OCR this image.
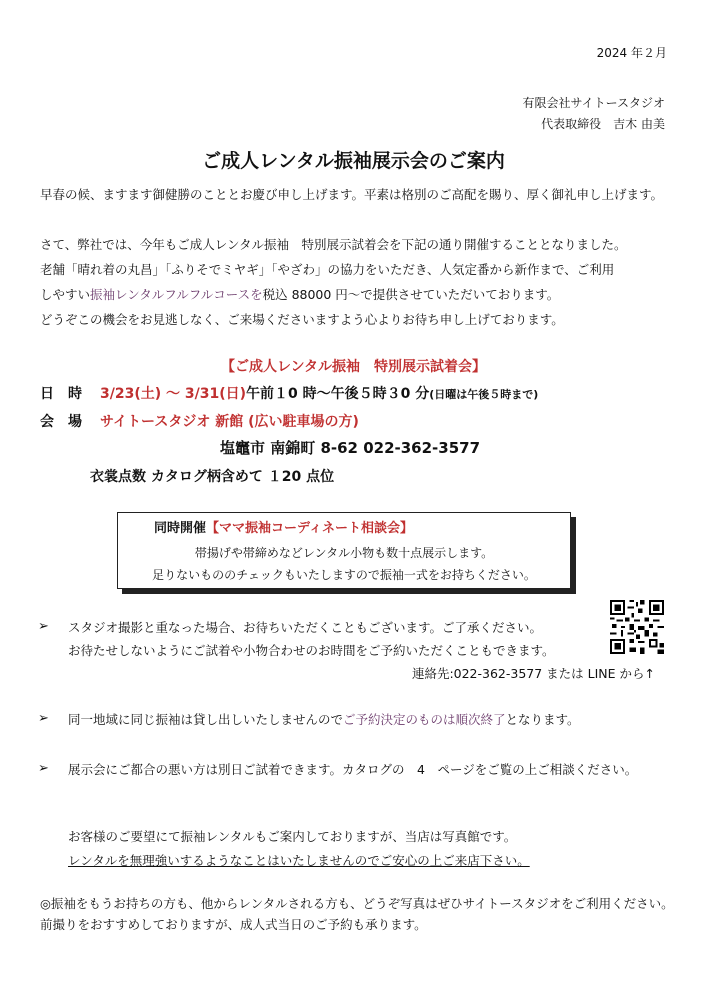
2024 年２月
有限会社サイトースタジオ
代表取締役　吉木 由美
ご成人レンタル振袖展示会のご案内
早春の候、ますます御健勝のこととお慶び申し上げます。平素は格別のご高配を賜り、厚く御礼申し上げます。
さて、弊社では、今年もご成人レンタル振袖　特別展示試着会を下記の通り開催することとなりました。
老舗「晴れ着の丸昌」「ふりそでミヤギ」「やざわ」の協力をいただき、人気定番から新作まで、ご利用
しやすい振袖レンタルフルフルコースを税込 88000 円〜で提供させていただいております。
どうぞこの機会をお見逃しなく、ご来場くださいますよう心よりお待ち申し上げております。
【ご成人レンタル振袖　特別展示試着会】
日　時 3/23(土) 〜 3/31(日)午前１0 時〜午後５時３0 分(日曜は午後５時まで)
会　場 サイトースタジオ 新館 (広い駐車場の方)
塩竈市 南錦町 8-62 022-362-3577
衣裳点数 カタログ柄含めて １20 点位
同時開催【ママ振袖コーディネート相談会】
帯揚げや帯締めなどレンタル小物も数十点展示します。
足りないもののチェックもいたしますので振袖一式をお持ちください。
➢ スタジオ撮影と重なった場合、お待ちいただくこともございます。ご了承ください。
お待たせしないようにご試着や小物合わせのお時間をご予約いただくこともできます。
連絡先:022-362-3577 または LINE から↑
➢ 同一地域に同じ振袖は貸し出しいたしませんのでご予約決定のものは順次終了となります。
➢ 展示会にご都合の悪い方は別日ご試着できます。カタログの　4　ページをご覧の上ご相談ください。
お客様のご要望にて振袖レンタルもご案内しておりますが、当店は写真館です。
レンタルを無理強いするようなことはいたしませんのでご安心の上ご来店下さい。
◎振袖をもうお持ちの方も、他からレンタルされる方も、どうぞ写真はぜひサイトースタジオをご利用ください。前撮りをおすすめしておりますが、成人式当日のご予約も承ります。
